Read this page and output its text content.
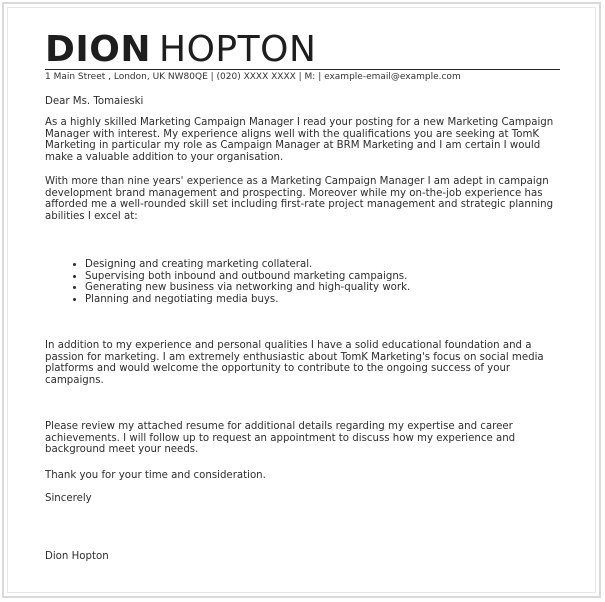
DION HOPTON
1 Main Street , London, UK NW80QE | (020) XXXX XXXX | M: | example-email@example.com

Dear Ms. Tomaieski

As a highly skilled Marketing Campaign Manager I read your posting for a new Marketing Campaign Manager with interest. My experience aligns well with the qualifications you are seeking at TomK Marketing in particular my role as Campaign Manager at BRM Marketing and I am certain I would make a valuable addition to your organisation.

With more than nine years' experience as a Marketing Campaign Manager I am adept in campaign development brand management and prospecting. Moreover while my on-the-job experience has afforded me a well-rounded skill set including first-rate project management and strategic planning abilities I excel at:

• Designing and creating marketing collateral.
• Supervising both inbound and outbound marketing campaigns.
• Generating new business via networking and high-quality work.
• Planning and negotiating media buys.

In addition to my experience and personal qualities I have a solid educational foundation and a passion for marketing. I am extremely enthusiastic about TomK Marketing's focus on social media platforms and would welcome the opportunity to contribute to the ongoing success of your campaigns.

Please review my attached resume for additional details regarding my expertise and career achievements. I will follow up to request an appointment to discuss how my experience and background meet your needs.

Thank you for your time and consideration.

Sincerely

Dion Hopton
